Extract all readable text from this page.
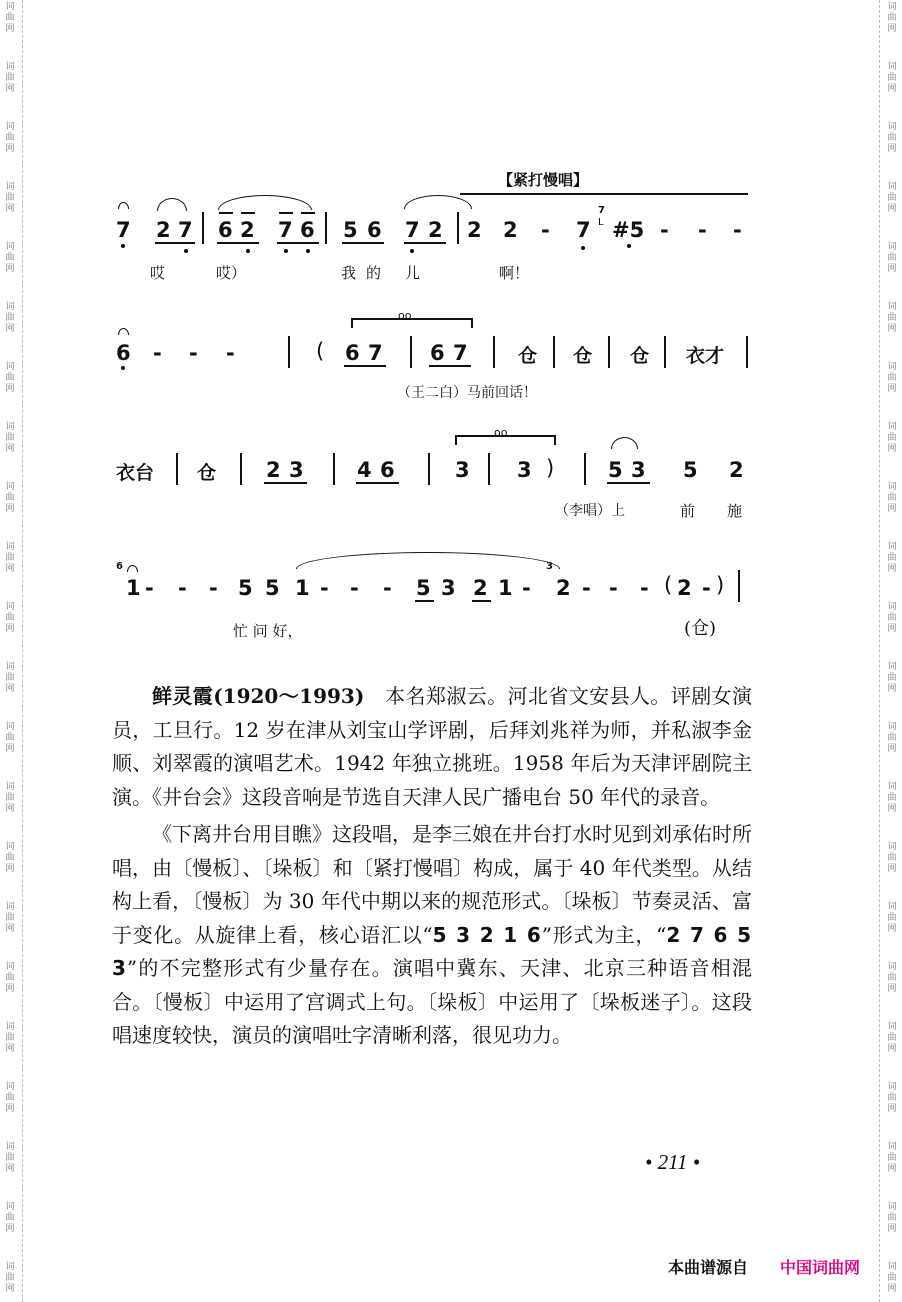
词
曲
网
词
曲
网
词
曲
网
词
曲
网
词
曲
网
词
曲
网
词
曲
网
词
曲
网
词
曲
网
词
曲
网
词
曲
网
词
曲
网
词
曲
网
词
曲
网
词
曲
网
词
曲
网
词
曲
网
词
曲
网
词
曲
网
词
曲
网
词
曲
网
词
曲
网
词
曲
网
词
曲
网
词
曲
网
词
曲
网
词
曲
网
词
曲
网
词
曲
网
词
曲
网
词
曲
网
词
曲
网
词
曲
网
词
曲
网
词
曲
网
词
曲
网
词
曲
网
词
曲
网
词
曲
网
词
曲
网
词
曲
网
词
曲
网
词
曲
网
词
曲
网
【紧打慢唱】
7 2 7 6 2 7 6 5 6 7 2 2 2 - 7
7
L #5 - - -
哎	哎）	我 的 儿	啊！
6 - - -	(
oo
6 7 6 7	仓 仓 仓 衣才
（王二白）马前回话！
衣台 仓 2 3	4 6
oo
3 3 )	5 3 5 2
（李唱）上	前 施
6
1 - - - 5 5 1 - - - 5 3 2 1 -
3
2 - - - ( 2 - )
忙 问 好，	(仓)

鲜灵霞(1920～1993)　本名郑淑云。河北省文安县人。评剧女演员，工旦行。12 岁在津从刘宝山学评剧，后拜刘兆祥为师，并私淑李金顺、刘翠霞的演唱艺术。1942 年独立挑班。1958 年后为天津评剧院主演。《井台会》这段音响是节选自天津人民广播电台 50 年代的录音。

《下离井台用目瞧》这段唱，是李三娘在井台打水时见到刘承佑时所唱，由〔慢板〕、〔垛板〕和〔紧打慢唱〕构成，属于 40 年代类型。从结构上看，〔慢板〕为 30 年代中期以来的规范形式。〔垛板〕节奏灵活、富于变化。从旋律上看，核心语汇以“5 3 2 1 6”形式为主，“2 7 6 5 3”的不完整形式有少量存在。演唱中冀东、天津、北京三种语音相混合。〔慢板〕中运用了宫调式上句。〔垛板〕中运用了〔垛板迷子〕。这段唱速度较快，演员的演唱吐字清晰利落，很见功力。

• 211 •
本曲谱源自 中国词曲网
